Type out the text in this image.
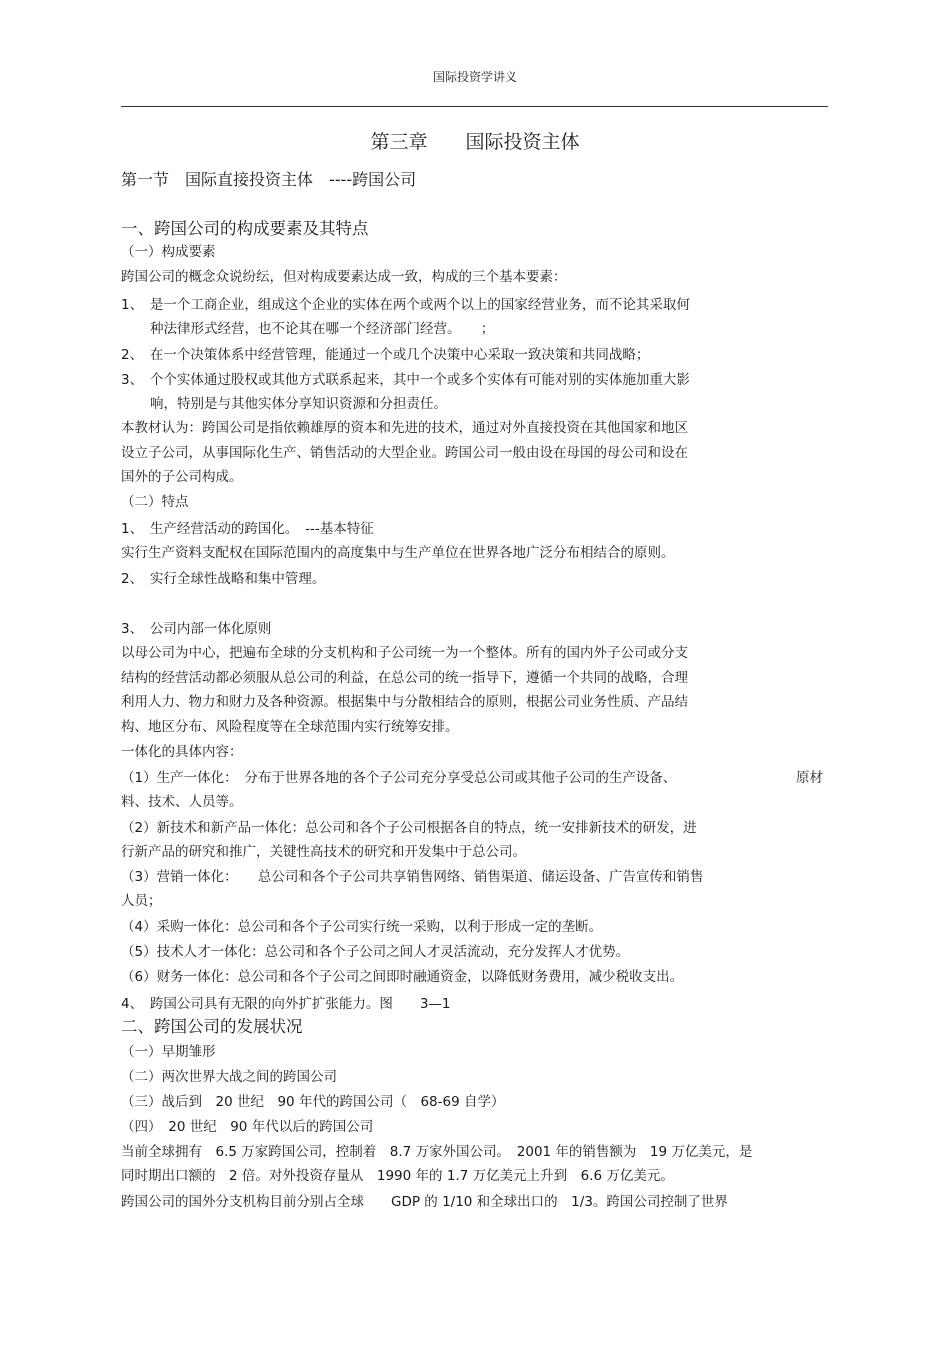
国际投资学讲义
第三章　　国际投资主体
第一节　国际直接投资主体　----跨国公司
一、跨国公司的构成要素及其特点
（一）构成要素
跨国公司的概念众说纷纭，但对构成要素达成一致，构成的三个基本要素：
1、　是一个工商企业，组成这个企业的实体在两个或两个以上的国家经营业务，而不论其采取何
种法律形式经营，也不论其在哪一个经济部门经营。　　；
2、　在一个决策体系中经营管理，能通过一个或几个决策中心采取一致决策和共同战略；
3、　个个实体通过股权或其他方式联系起来，其中一个或多个实体有可能对别的实体施加重大影
响，特别是与其他实体分享知识资源和分担责任。
本教材认为：跨国公司是指依赖雄厚的资本和先进的技术，通过对外直接投资在其他国家和地区
设立子公司，从事国际化生产、销售活动的大型企业。跨国公司一般由设在母国的母公司和设在
国外的子公司构成。
（二）特点
1、　生产经营活动的跨国化。　---基本特征
实行生产资料支配权在国际范围内的高度集中与生产单位在世界各地广泛分布相结合的原则。
2、　实行全球性战略和集中管理。
3、　公司内部一体化原则
以母公司为中心，把遍布全球的分支机构和子公司统一为一个整体。所有的国内外子公司或分支
结构的经营活动都必须服从总公司的利益，在总公司的统一指导下，遵循一个共同的战略，合理
利用人力、物力和财力及各种资源。根据集中与分散相结合的原则，根据公司业务性质、产品结
构、地区分布、风险程度等在全球范围内实行统筹安排。
一体化的具体内容：
（1）生产一体化：　分布于世界各地的各个子公司充分享受总公司或其他子公司的生产设备、	原材
料、技术、人员等。
（2）新技术和新产品一体化：总公司和各个子公司根据各自的特点，统一安排新技术的研发，进
行新产品的研究和推广，关键性高技术的研究和开发集中于总公司。
（3）营销一体化：　　总公司和各个子公司共享销售网络、销售渠道、储运设备、广告宣传和销售
人员；
（4）采购一体化：总公司和各个子公司实行统一采购，以利于形成一定的垄断。
（5）技术人才一体化：总公司和各个子公司之间人才灵活流动，充分发挥人才优势。
（6）财务一体化：总公司和各个子公司之间即时融通资金，以降低财务费用，减少税收支出。
4、　跨国公司具有无限的向外扩扩张能力。图　　3—1
二、跨国公司的发展状况
（一）早期雏形
（二）两次世界大战之间的跨国公司
（三）战后到　20 世纪　90 年代的跨国公司（　68-69 自学）
（四）　20 世纪　90 年代以后的跨国公司
当前全球拥有　6.5 万家跨国公司，控制着　8.7 万家外国公司。　2001 年的销售额为　19 万亿美元，是
同时期出口额的　2 倍。对外投资存量从　1990 年的 1.7 万亿美元上升到　6.6 万亿美元。
跨国公司的国外分支机构目前分别占全球　　GDP 的 1/10 和全球出口的　1/3。跨国公司控制了世界
